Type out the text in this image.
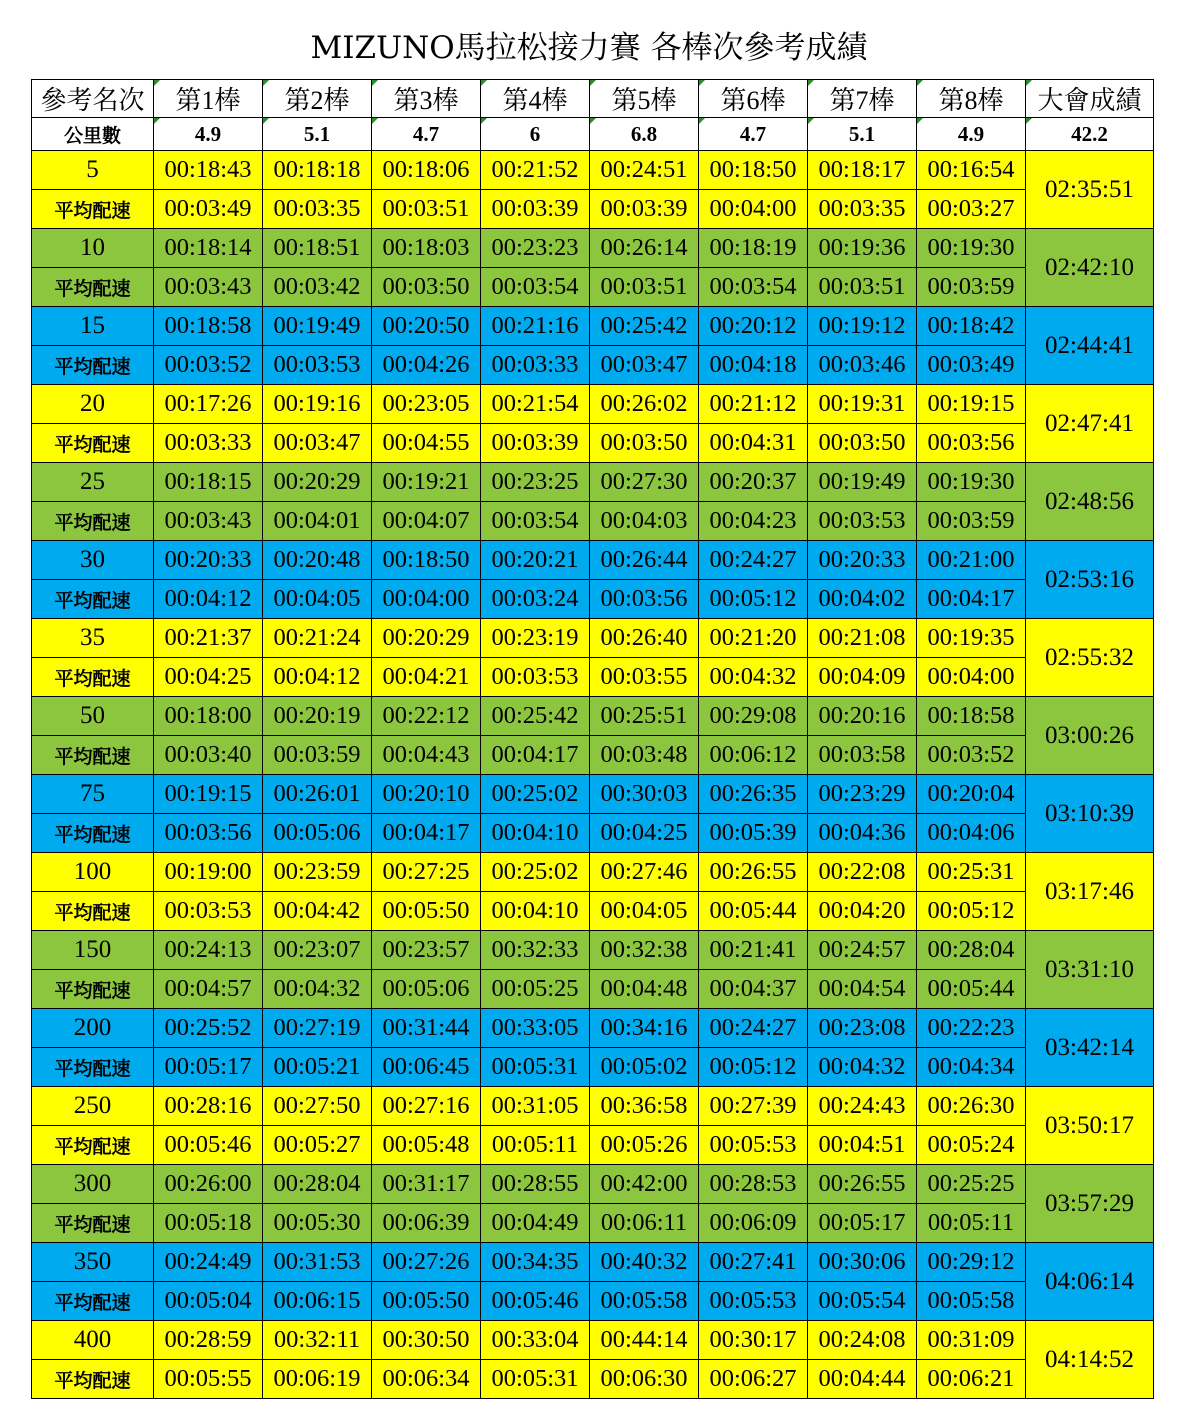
MIZUNO馬拉松接力賽 各棒次參考成績
參考名次	第1棒	第2棒	第3棒	第4棒	第5棒	第6棒	第7棒	第8棒	大會成績
公里數	4.9	5.1	4.7	6	6.8	4.7	5.1	4.9	42.2
5	00:18:43	00:18:18	00:18:06	00:21:52	00:24:51	00:18:50	00:18:17	00:16:54	02:35:51
平均配速	00:03:49	00:03:35	00:03:51	00:03:39	00:03:39	00:04:00	00:03:35	00:03:27	
10	00:18:14	00:18:51	00:18:03	00:23:23	00:26:14	00:18:19	00:19:36	00:19:30	02:42:10
平均配速	00:03:43	00:03:42	00:03:50	00:03:54	00:03:51	00:03:54	00:03:51	00:03:59	
15	00:18:58	00:19:49	00:20:50	00:21:16	00:25:42	00:20:12	00:19:12	00:18:42	02:44:41
平均配速	00:03:52	00:03:53	00:04:26	00:03:33	00:03:47	00:04:18	00:03:46	00:03:49	
20	00:17:26	00:19:16	00:23:05	00:21:54	00:26:02	00:21:12	00:19:31	00:19:15	02:47:41
平均配速	00:03:33	00:03:47	00:04:55	00:03:39	00:03:50	00:04:31	00:03:50	00:03:56	
25	00:18:15	00:20:29	00:19:21	00:23:25	00:27:30	00:20:37	00:19:49	00:19:30	02:48:56
平均配速	00:03:43	00:04:01	00:04:07	00:03:54	00:04:03	00:04:23	00:03:53	00:03:59	
30	00:20:33	00:20:48	00:18:50	00:20:21	00:26:44	00:24:27	00:20:33	00:21:00	02:53:16
平均配速	00:04:12	00:04:05	00:04:00	00:03:24	00:03:56	00:05:12	00:04:02	00:04:17	
35	00:21:37	00:21:24	00:20:29	00:23:19	00:26:40	00:21:20	00:21:08	00:19:35	02:55:32
平均配速	00:04:25	00:04:12	00:04:21	00:03:53	00:03:55	00:04:32	00:04:09	00:04:00	
50	00:18:00	00:20:19	00:22:12	00:25:42	00:25:51	00:29:08	00:20:16	00:18:58	03:00:26
平均配速	00:03:40	00:03:59	00:04:43	00:04:17	00:03:48	00:06:12	00:03:58	00:03:52	
75	00:19:15	00:26:01	00:20:10	00:25:02	00:30:03	00:26:35	00:23:29	00:20:04	03:10:39
平均配速	00:03:56	00:05:06	00:04:17	00:04:10	00:04:25	00:05:39	00:04:36	00:04:06	
100	00:19:00	00:23:59	00:27:25	00:25:02	00:27:46	00:26:55	00:22:08	00:25:31	03:17:46
平均配速	00:03:53	00:04:42	00:05:50	00:04:10	00:04:05	00:05:44	00:04:20	00:05:12	
150	00:24:13	00:23:07	00:23:57	00:32:33	00:32:38	00:21:41	00:24:57	00:28:04	03:31:10
平均配速	00:04:57	00:04:32	00:05:06	00:05:25	00:04:48	00:04:37	00:04:54	00:05:44	
200	00:25:52	00:27:19	00:31:44	00:33:05	00:34:16	00:24:27	00:23:08	00:22:23	03:42:14
平均配速	00:05:17	00:05:21	00:06:45	00:05:31	00:05:02	00:05:12	00:04:32	00:04:34	
250	00:28:16	00:27:50	00:27:16	00:31:05	00:36:58	00:27:39	00:24:43	00:26:30	03:50:17
平均配速	00:05:46	00:05:27	00:05:48	00:05:11	00:05:26	00:05:53	00:04:51	00:05:24	
300	00:26:00	00:28:04	00:31:17	00:28:55	00:42:00	00:28:53	00:26:55	00:25:25	03:57:29
平均配速	00:05:18	00:05:30	00:06:39	00:04:49	00:06:11	00:06:09	00:05:17	00:05:11	
350	00:24:49	00:31:53	00:27:26	00:34:35	00:40:32	00:27:41	00:30:06	00:29:12	04:06:14
平均配速	00:05:04	00:06:15	00:05:50	00:05:46	00:05:58	00:05:53	00:05:54	00:05:58	
400	00:28:59	00:32:11	00:30:50	00:33:04	00:44:14	00:30:17	00:24:08	00:31:09	04:14:52
平均配速	00:05:55	00:06:19	00:06:34	00:05:31	00:06:30	00:06:27	00:04:44	00:06:21	
